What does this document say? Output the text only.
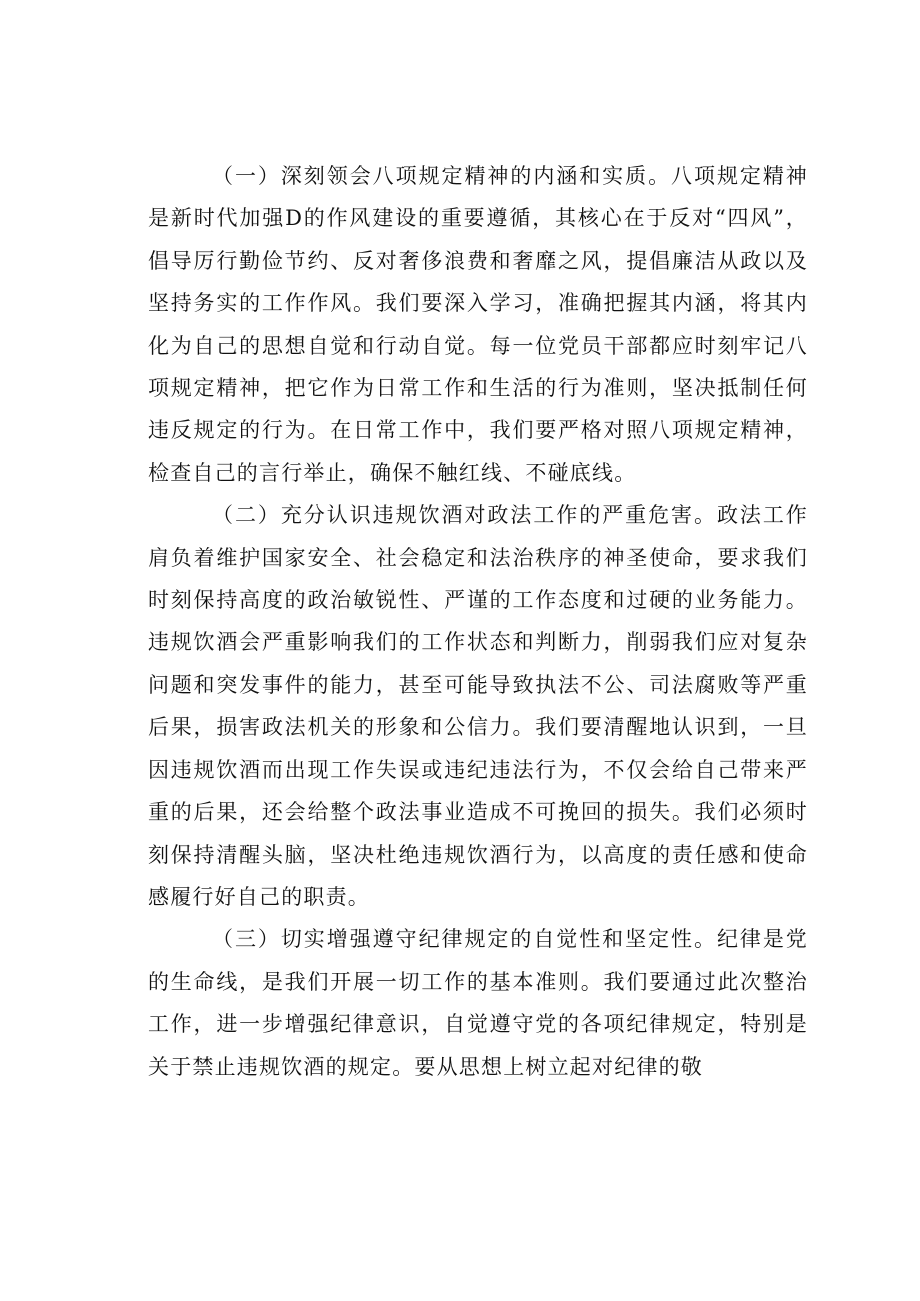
（一）深刻领会八项规定精神的内涵和实质。八项规定精神是新时代加强D的作风建设的重要遵循，其核心在于反对“四风”，倡导厉行勤俭节约、反对奢侈浪费和奢靡之风，提倡廉洁从政以及坚持务实的工作作风。我们要深入学习，准确把握其内涵，将其内化为自己的思想自觉和行动自觉。每一位党员干部都应时刻牢记八项规定精神，把它作为日常工作和生活的行为准则，坚决抵制任何违反规定的行为。在日常工作中，我们要严格对照八项规定精神，检查自己的言行举止，确保不触红线、不碰底线。

（二）充分认识违规饮酒对政法工作的严重危害。政法工作肩负着维护国家安全、社会稳定和法治秩序的神圣使命，要求我们时刻保持高度的政治敏锐性、严谨的工作态度和过硬的业务能力。违规饮酒会严重影响我们的工作状态和判断力，削弱我们应对复杂问题和突发事件的能力，甚至可能导致执法不公、司法腐败等严重后果，损害政法机关的形象和公信力。我们要清醒地认识到，一旦因违规饮酒而出现工作失误或违纪违法行为，不仅会给自己带来严重的后果，还会给整个政法事业造成不可挽回的损失。我们必须时刻保持清醒头脑，坚决杜绝违规饮酒行为，以高度的责任感和使命感履行好自己的职责。

（三）切实增强遵守纪律规定的自觉性和坚定性。纪律是党的生命线，是我们开展一切工作的基本准则。我们要通过此次整治工作，进一步增强纪律意识，自觉遵守党的各项纪律规定，特别是关于禁止违规饮酒的规定。要从思想上树立起对纪律的敬
